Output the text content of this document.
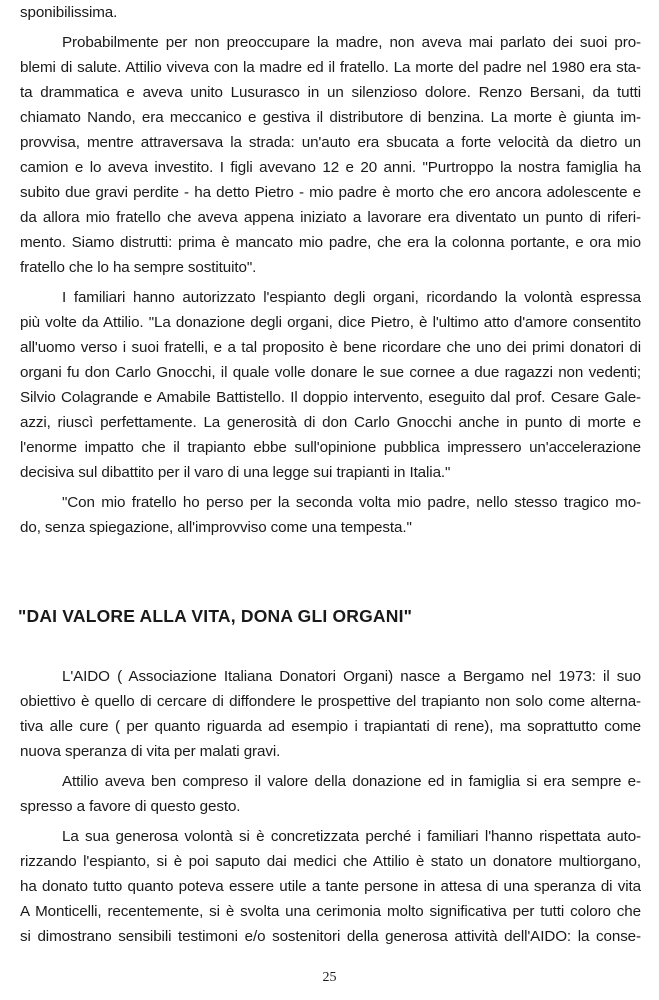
sponibilissima.
Probabilmente per non preoccupare la madre, non aveva mai parlato dei suoi pro-
blemi di salute. Attilio viveva con la madre ed il fratello. La morte del padre nel 1980 era sta-
ta drammatica e aveva unito Lusurasco in un silenzioso dolore. Renzo Bersani, da tutti
chiamato Nando, era meccanico e gestiva il distributore di benzina. La morte è giunta im-
provvisa, mentre attraversava la strada: un'auto era sbucata a forte velocità da dietro un
camion e lo aveva investito. I figli avevano 12 e 20 anni. "Purtroppo la nostra famiglia ha
subito due gravi perdite - ha detto Pietro - mio padre è morto che ero ancora adolescente e
da allora mio fratello che aveva appena iniziato a lavorare era diventato un punto di riferi-
mento. Siamo distrutti: prima è mancato mio padre, che era la colonna portante, e ora mio
fratello che lo ha sempre sostituito".
I familiari hanno autorizzato l'espianto degli organi, ricordando la volontà espressa
più volte da Attilio. "La donazione degli organi, dice Pietro, è l'ultimo atto d'amore consentito
all'uomo verso i suoi fratelli, e a tal proposito è bene ricordare che uno dei primi donatori di
organi fu don Carlo Gnocchi, il quale volle donare le sue cornee a due ragazzi non vedenti;
Silvio Colagrande e Amabile Battistello. Il doppio intervento, eseguito dal prof. Cesare Gale-
azzi, riuscì perfettamente. La generosità di don Carlo Gnocchi anche in punto di morte e
l'enorme impatto che il trapianto ebbe sull'opinione pubblica impressero un'accelerazione
decisiva sul dibattito per il varo di una legge sui trapianti in Italia."
"Con mio fratello ho perso per la seconda volta mio padre, nello stesso tragico mo-
do, senza spiegazione, all'improvviso come una tempesta."
"DAI VALORE ALLA VITA, DONA GLI ORGANI"
L'AIDO ( Associazione Italiana Donatori Organi) nasce a Bergamo nel 1973: il suo
obiettivo è quello di cercare di diffondere le prospettive del trapianto non solo come alterna-
tiva alle cure ( per quanto riguarda ad esempio i trapiantati di rene), ma soprattutto come
nuova speranza di vita per malati gravi.
Attilio aveva ben compreso il valore della donazione ed in famiglia si era sempre e-
spresso a favore di questo gesto.
La sua generosa volontà si è concretizzata perché i familiari l'hanno rispettata auto-
rizzando l'espianto, si è poi saputo dai medici che Attilio è stato un donatore multiorgano,
ha donato tutto quanto poteva essere utile a tante persone in attesa di una speranza di vita
A Monticelli, recentemente, si è svolta una cerimonia molto significativa per tutti coloro che
si dimostrano sensibili testimoni e/o sostenitori della generosa attività dell'AIDO: la conse-
25
